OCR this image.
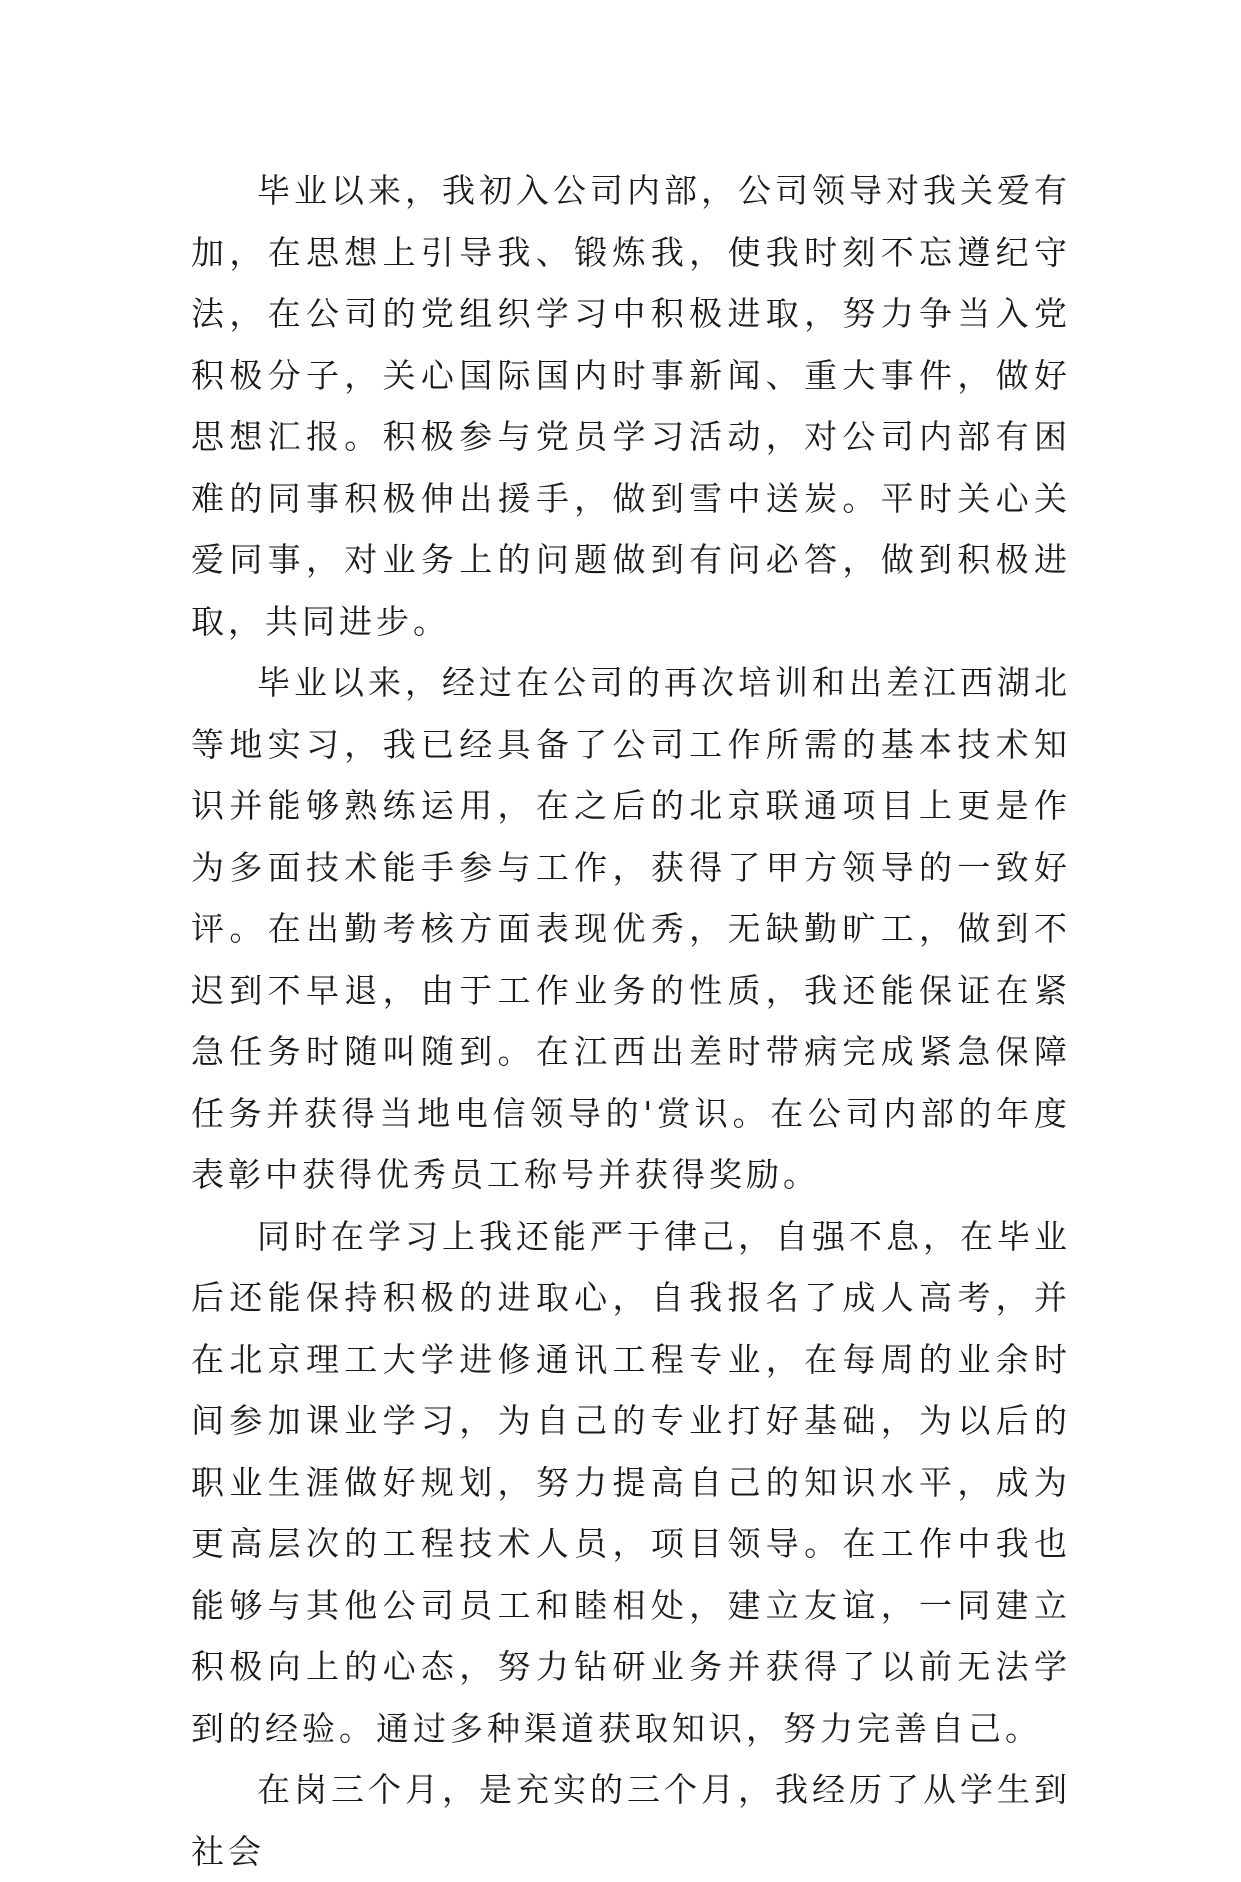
毕业以来，我初入公司内部，公司领导对我关爱有加，在思想上引导我、锻炼我，使我时刻不忘遵纪守法，在公司的党组织学习中积极进取，努力争当入党积极分子，关心国际国内时事新闻、重大事件，做好思想汇报。积极参与党员学习活动，对公司内部有困难的同事积极伸出援手，做到雪中送炭。平时关心关爱同事，对业务上的问题做到有问必答，做到积极进取，共同进步。

毕业以来，经过在公司的再次培训和出差江西湖北等地实习，我已经具备了公司工作所需的基本技术知识并能够熟练运用，在之后的北京联通项目上更是作为多面技术能手参与工作，获得了甲方领导的一致好评。在出勤考核方面表现优秀，无缺勤旷工，做到不迟到不早退，由于工作业务的性质，我还能保证在紧急任务时随叫随到。在江西出差时带病完成紧急保障任务并获得当地电信领导的'赏识。在公司内部的年度表彰中获得优秀员工称号并获得奖励。

同时在学习上我还能严于律己，自强不息，在毕业后还能保持积极的进取心，自我报名了成人高考，并在北京理工大学进修通讯工程专业，在每周的业余时间参加课业学习，为自己的专业打好基础，为以后的职业生涯做好规划，努力提高自己的知识水平，成为更高层次的工程技术人员，项目领导。在工作中我也能够与其他公司员工和睦相处，建立友谊，一同建立积极向上的心态，努力钻研业务并获得了以前无法学到的经验。通过多种渠道获取知识，努力完善自己。

在岗三个月，是充实的三个月，我经历了从学生到社会
